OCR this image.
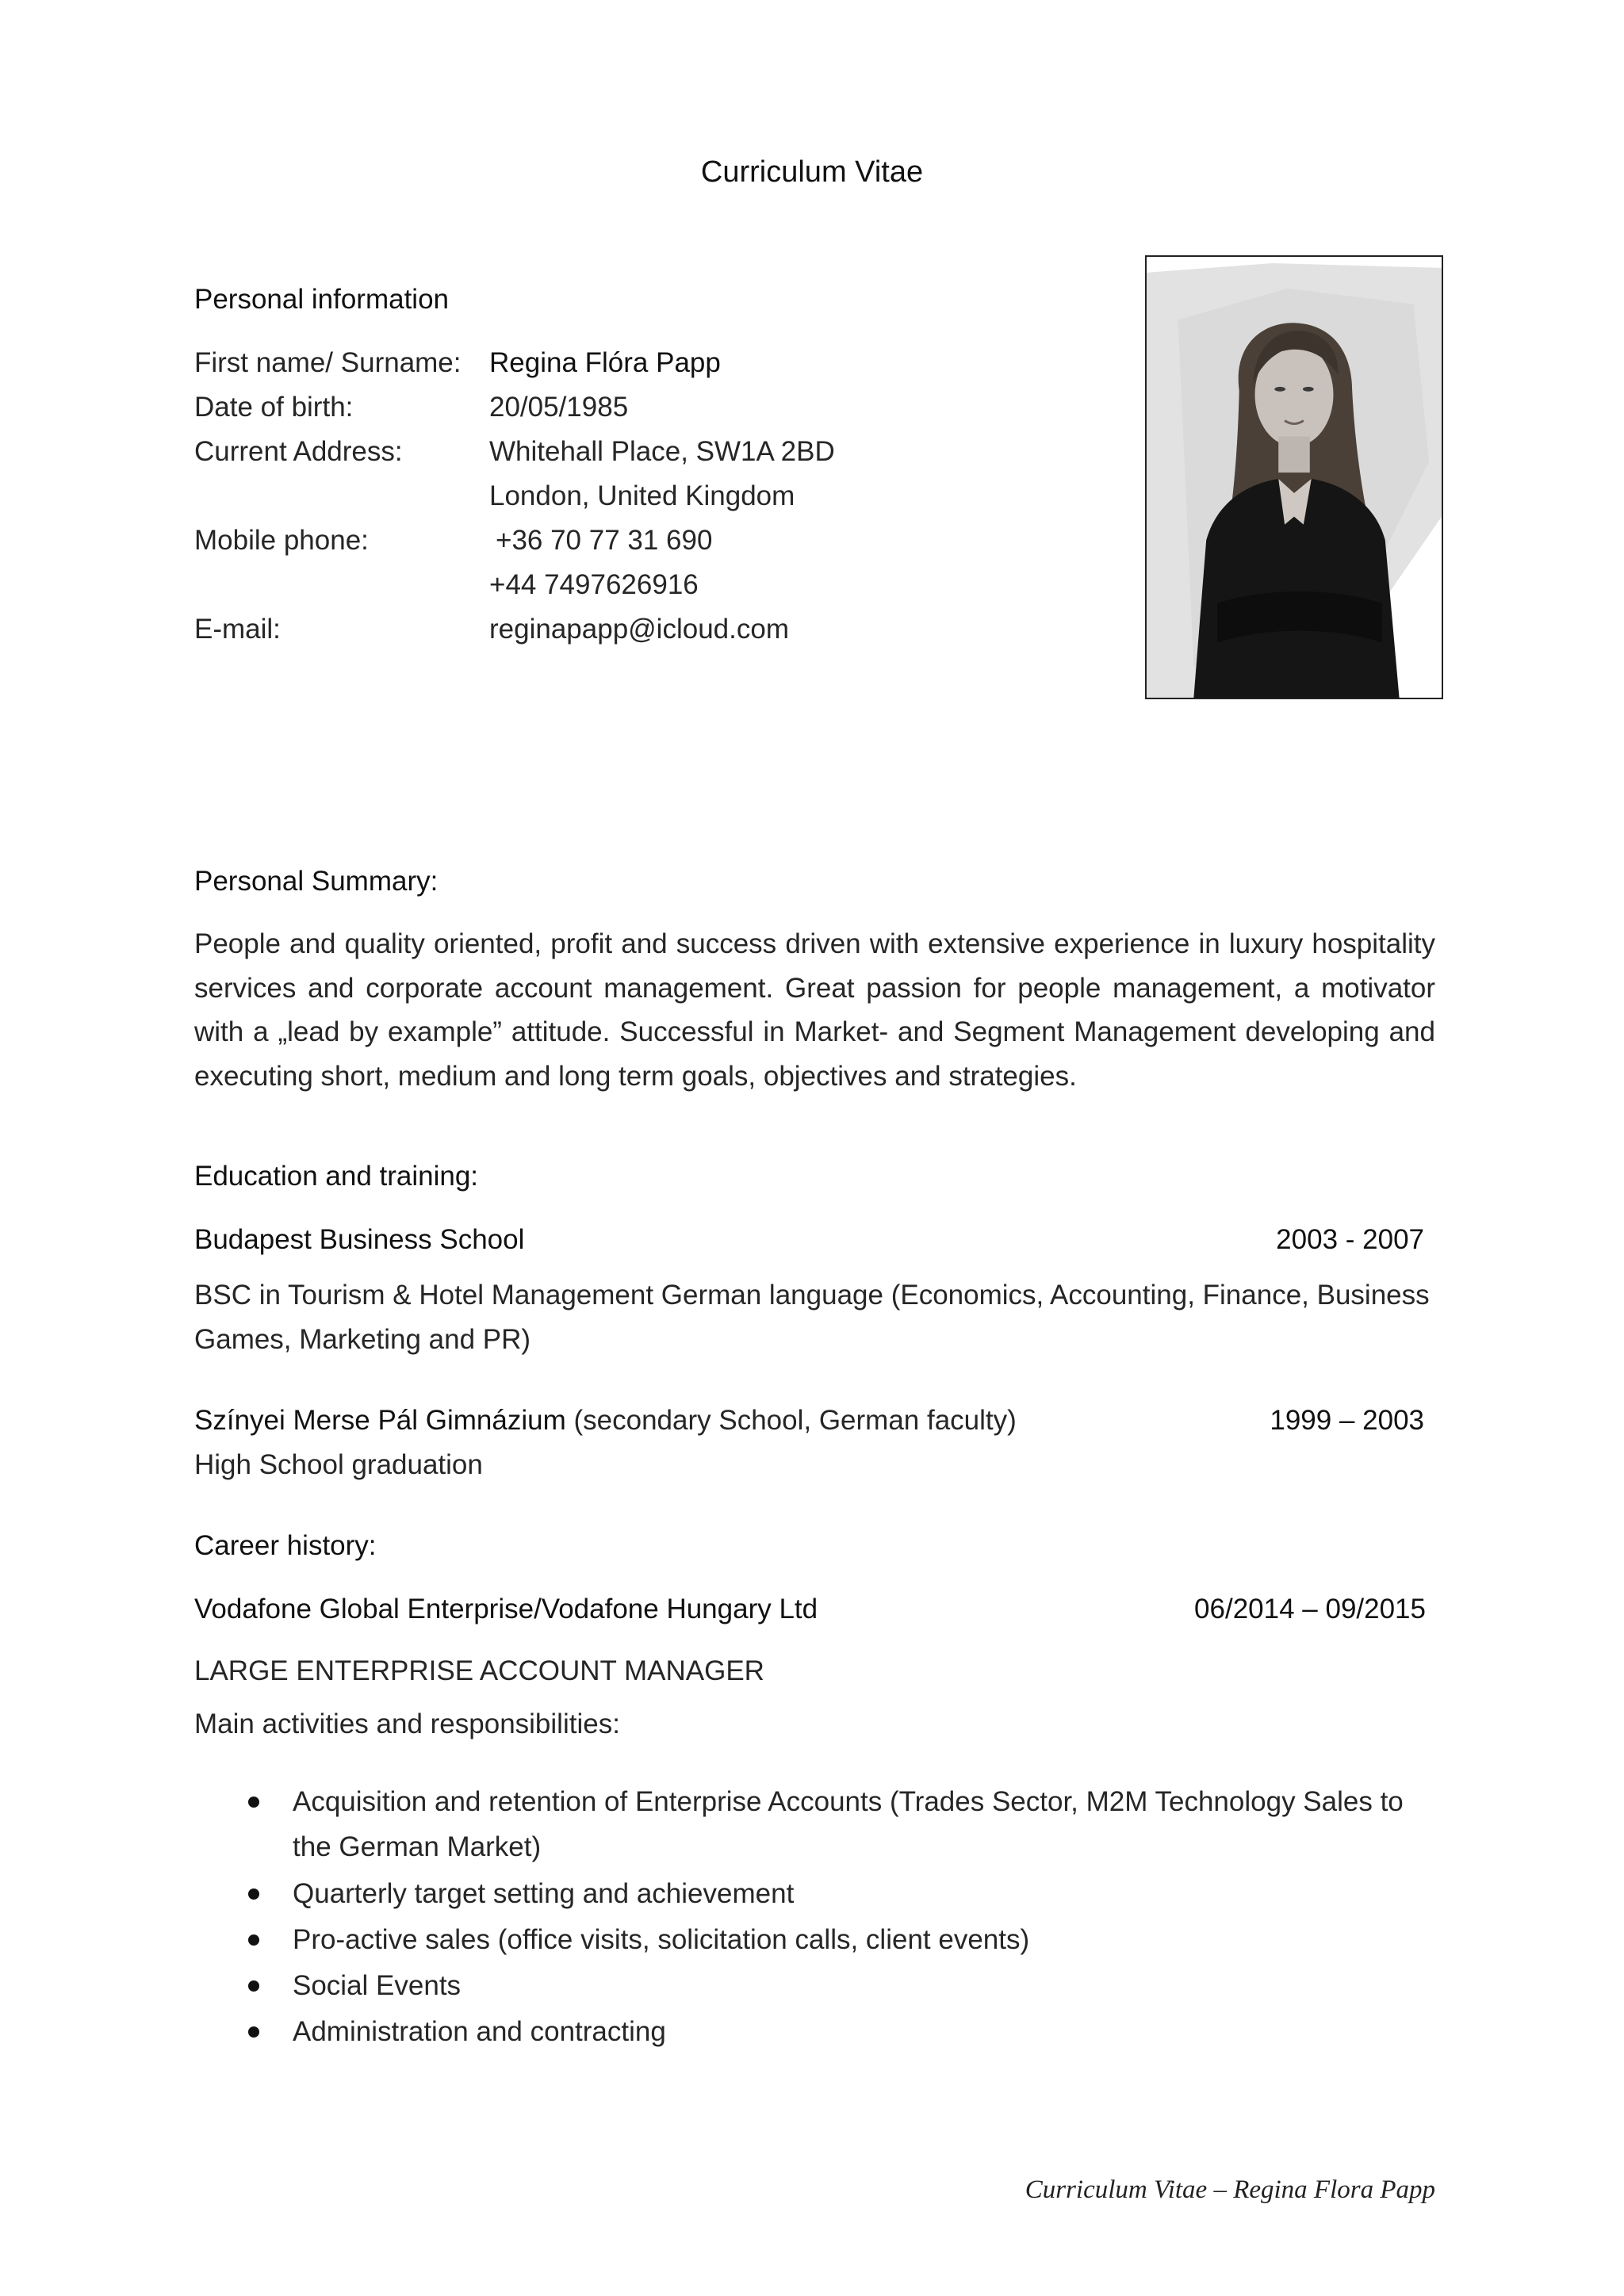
Curriculum Vitae
Personal information
First name/ Surname: Regina Flóra Papp
Date of birth:	20/05/1985
Current Address:	Whitehall Place, SW1A 2BD
London, United Kingdom
Mobile phone:	+36 70 77 31 690
+44 7497626916
E-mail:	reginapapp@icloud.com
Personal Summary:
People and quality oriented, profit and success driven with extensive experience in luxury hospitality services and corporate account management. Great passion for people management, a motivator with a „lead by example” attitude. Successful in Market- and Segment Management developing and executing short, medium and long term goals, objectives and strategies.
Education and training:
Budapest Business School	2003 - 2007
BSC in Tourism & Hotel Management German language (Economics, Accounting, Finance, Business Games, Marketing and PR)
Színyei Merse Pál Gimnázium (secondary School, German faculty)	1999 – 2003
High School graduation
Career history:
Vodafone Global Enterprise/Vodafone Hungary Ltd	06/2014 – 09/2015
LARGE ENTERPRISE ACCOUNT MANAGER
Main activities and responsibilities:
Acquisition and retention of Enterprise Accounts (Trades Sector, M2M Technology Sales to the German Market)
Quarterly target setting and achievement
Pro-active sales (office visits, solicitation calls, client events)
Social Events
Administration and contracting
Curriculum Vitae – Regina Flora Papp
